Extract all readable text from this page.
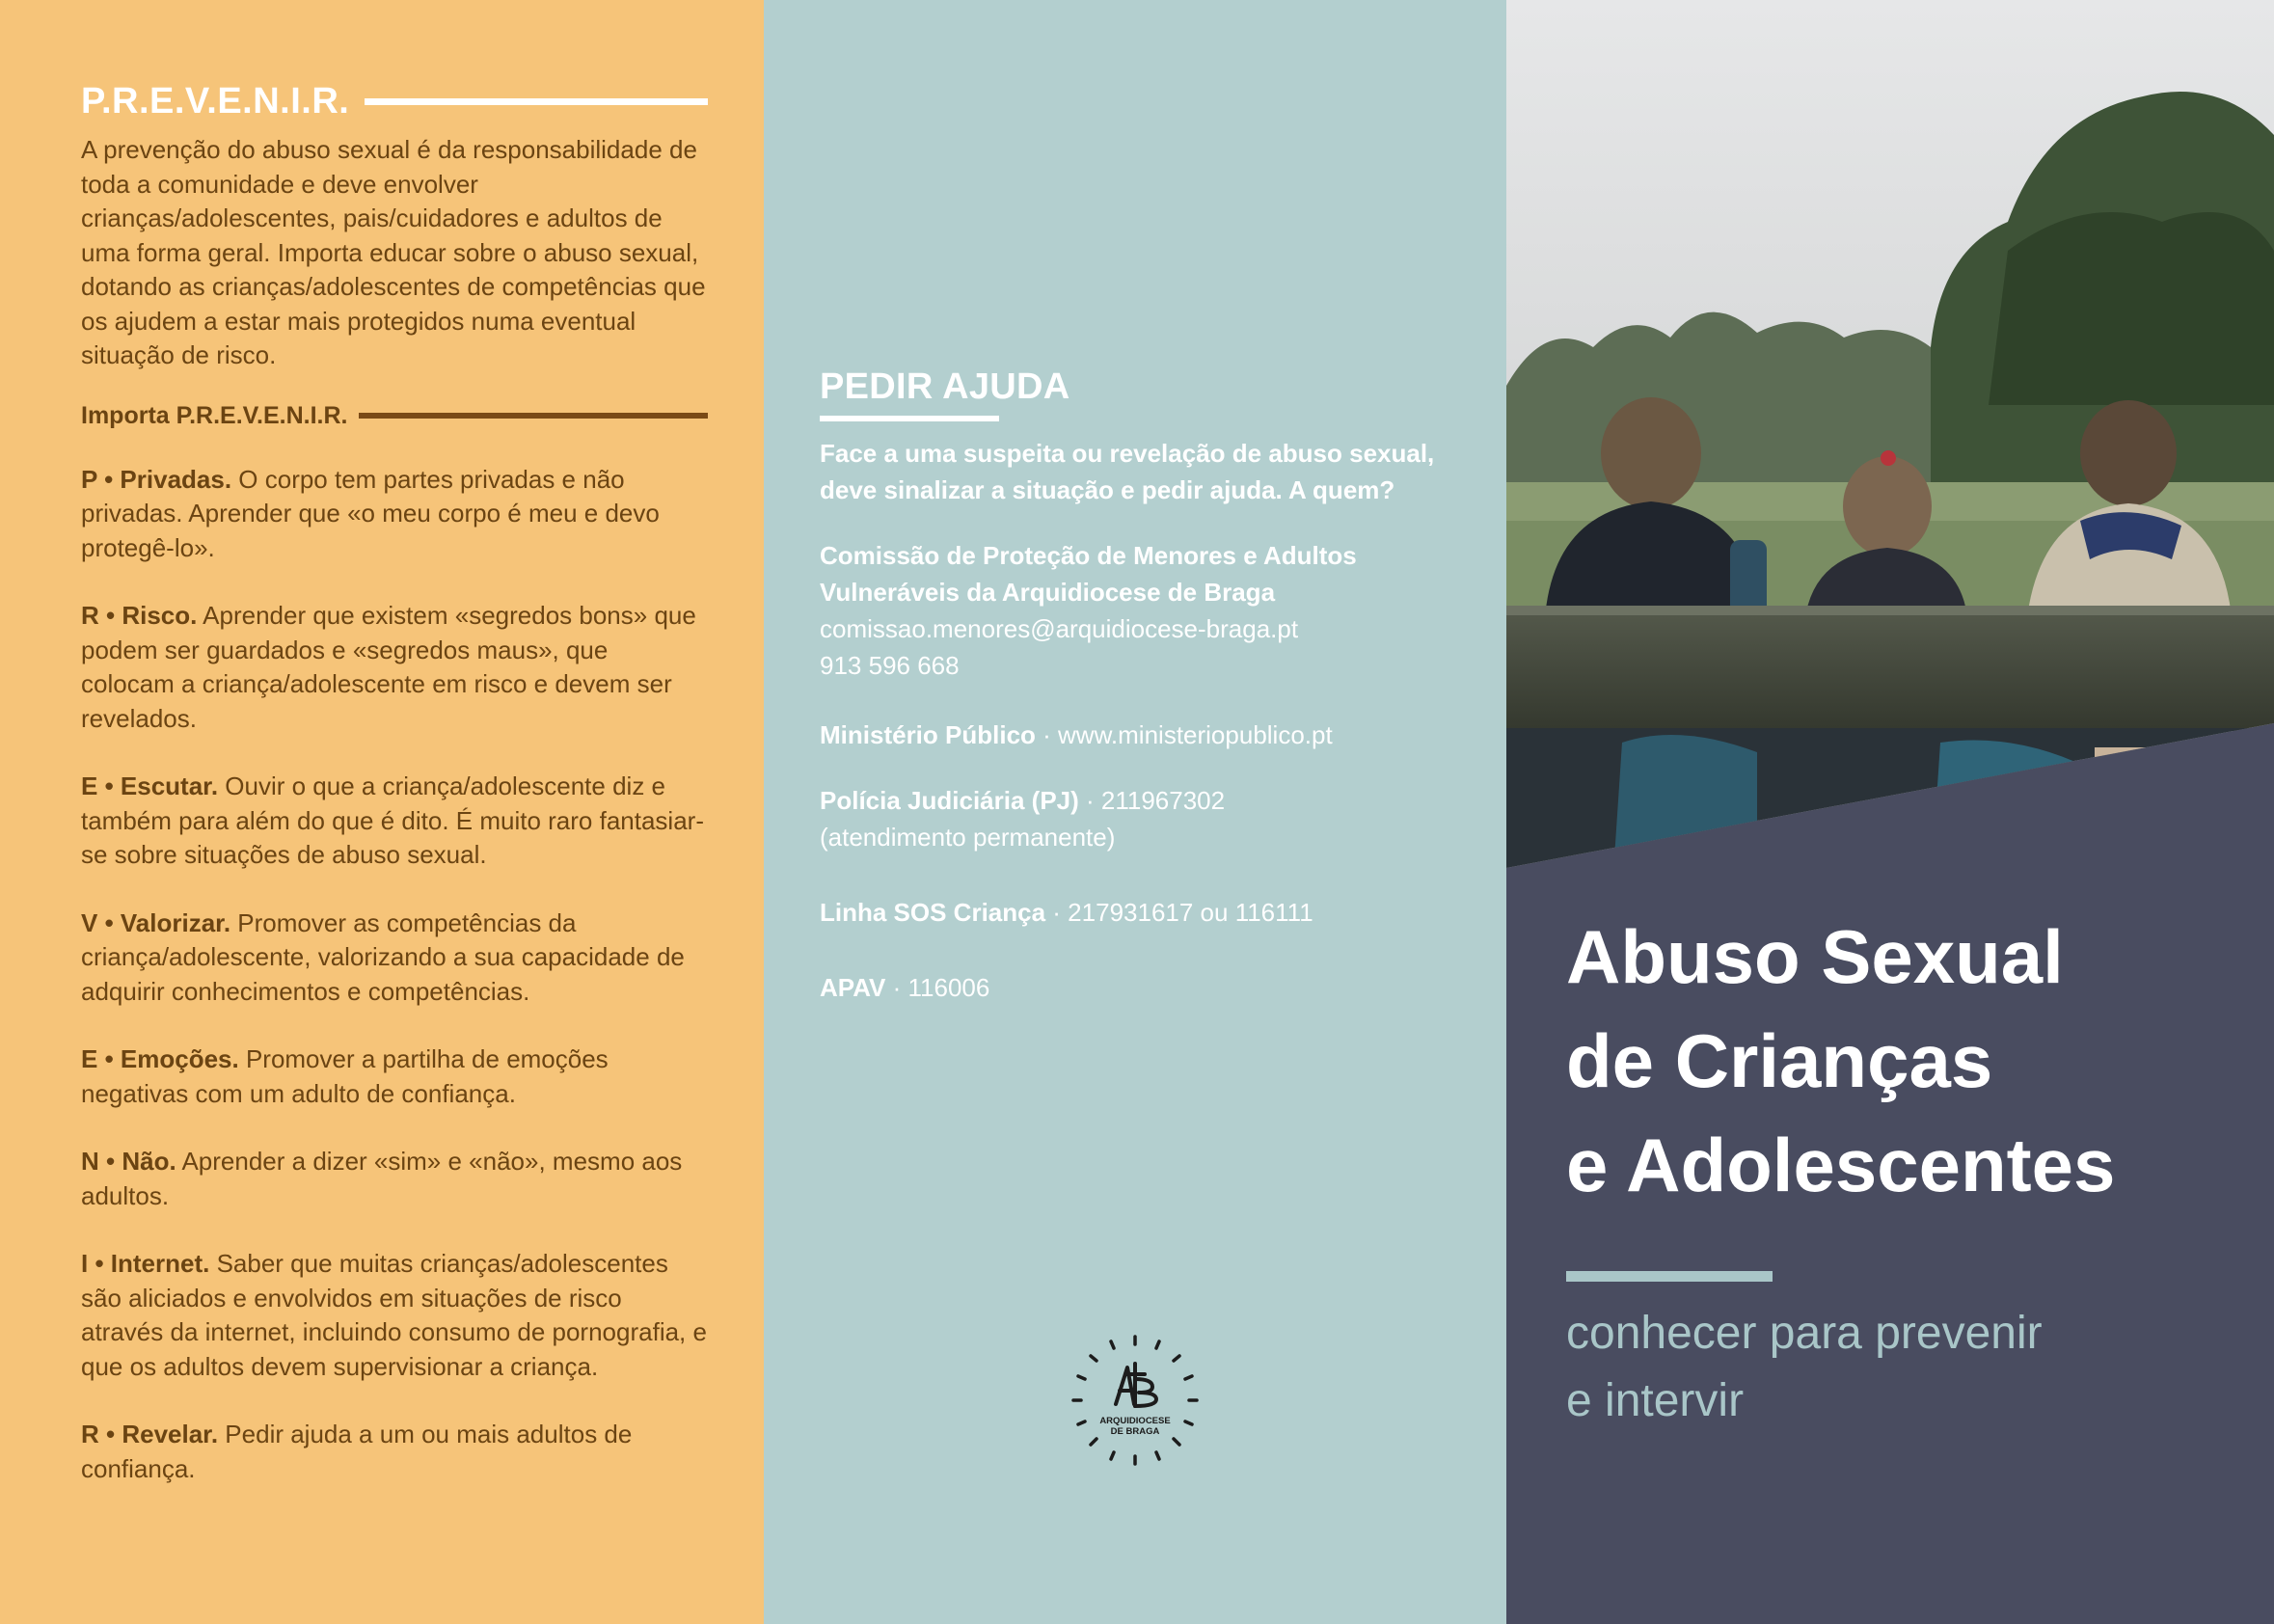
P.R.E.V.E.N.I.R.

A prevenção do abuso sexual é da responsabilidade de toda a comunidade e deve envolver crianças/adolescentes, pais/cuidadores e adultos de uma forma geral. Importa educar sobre o abuso sexual, dotando as crianças/adolescentes de competências que os ajudem a estar mais protegidos numa eventual situação de risco.

Importa P.R.E.V.E.N.I.R.
P • Privadas. O corpo tem partes privadas e não privadas. Aprender que «o meu corpo é meu e devo protegê-lo».
R • Risco. Aprender que existem «segredos bons» que podem ser guardados e «segredos maus», que colocam a criança/adolescente em risco e devem ser revelados.
E • Escutar. Ouvir o que a criança/adolescente diz e também para além do que é dito. É muito raro fantasiar-se sobre situações de abuso sexual.
V • Valorizar. Promover as competências da criança/adolescente, valorizando a sua capacidade de adquirir conhecimentos e competências.
E • Emoções. Promover a partilha de emoções negativas com um adulto de confiança.
N • Não. Aprender a dizer «sim» e «não», mesmo aos adultos.
I • Internet. Saber que muitas crianças/adolescentes são aliciados e envolvidos em situações de risco através da internet, incluindo consumo de pornografia, e que os adultos devem supervisionar a criança.
R • Revelar. Pedir ajuda a um ou mais adultos de confiança.
PEDIR AJUDA

Face a uma suspeita ou revelação de abuso sexual, deve sinalizar a situação e pedir ajuda. A quem?

Comissão de Proteção de Menores e Adultos
Vulneráveis da Arquidiocese de Braga
comissao.menores@arquidiocese-braga.pt
913 596 668
Ministério Público · www.ministeriopublico.pt
Polícia Judiciária (PJ) · 211967302
(atendimento permanente)
Linha SOS Criança · 217931617 ou 116111
APAV · 116006
ARQUIDIOCESE
DE BRAGA
Abuso Sexual
de Crianças
e Adolescentes

conhecer para prevenir
e intervir
